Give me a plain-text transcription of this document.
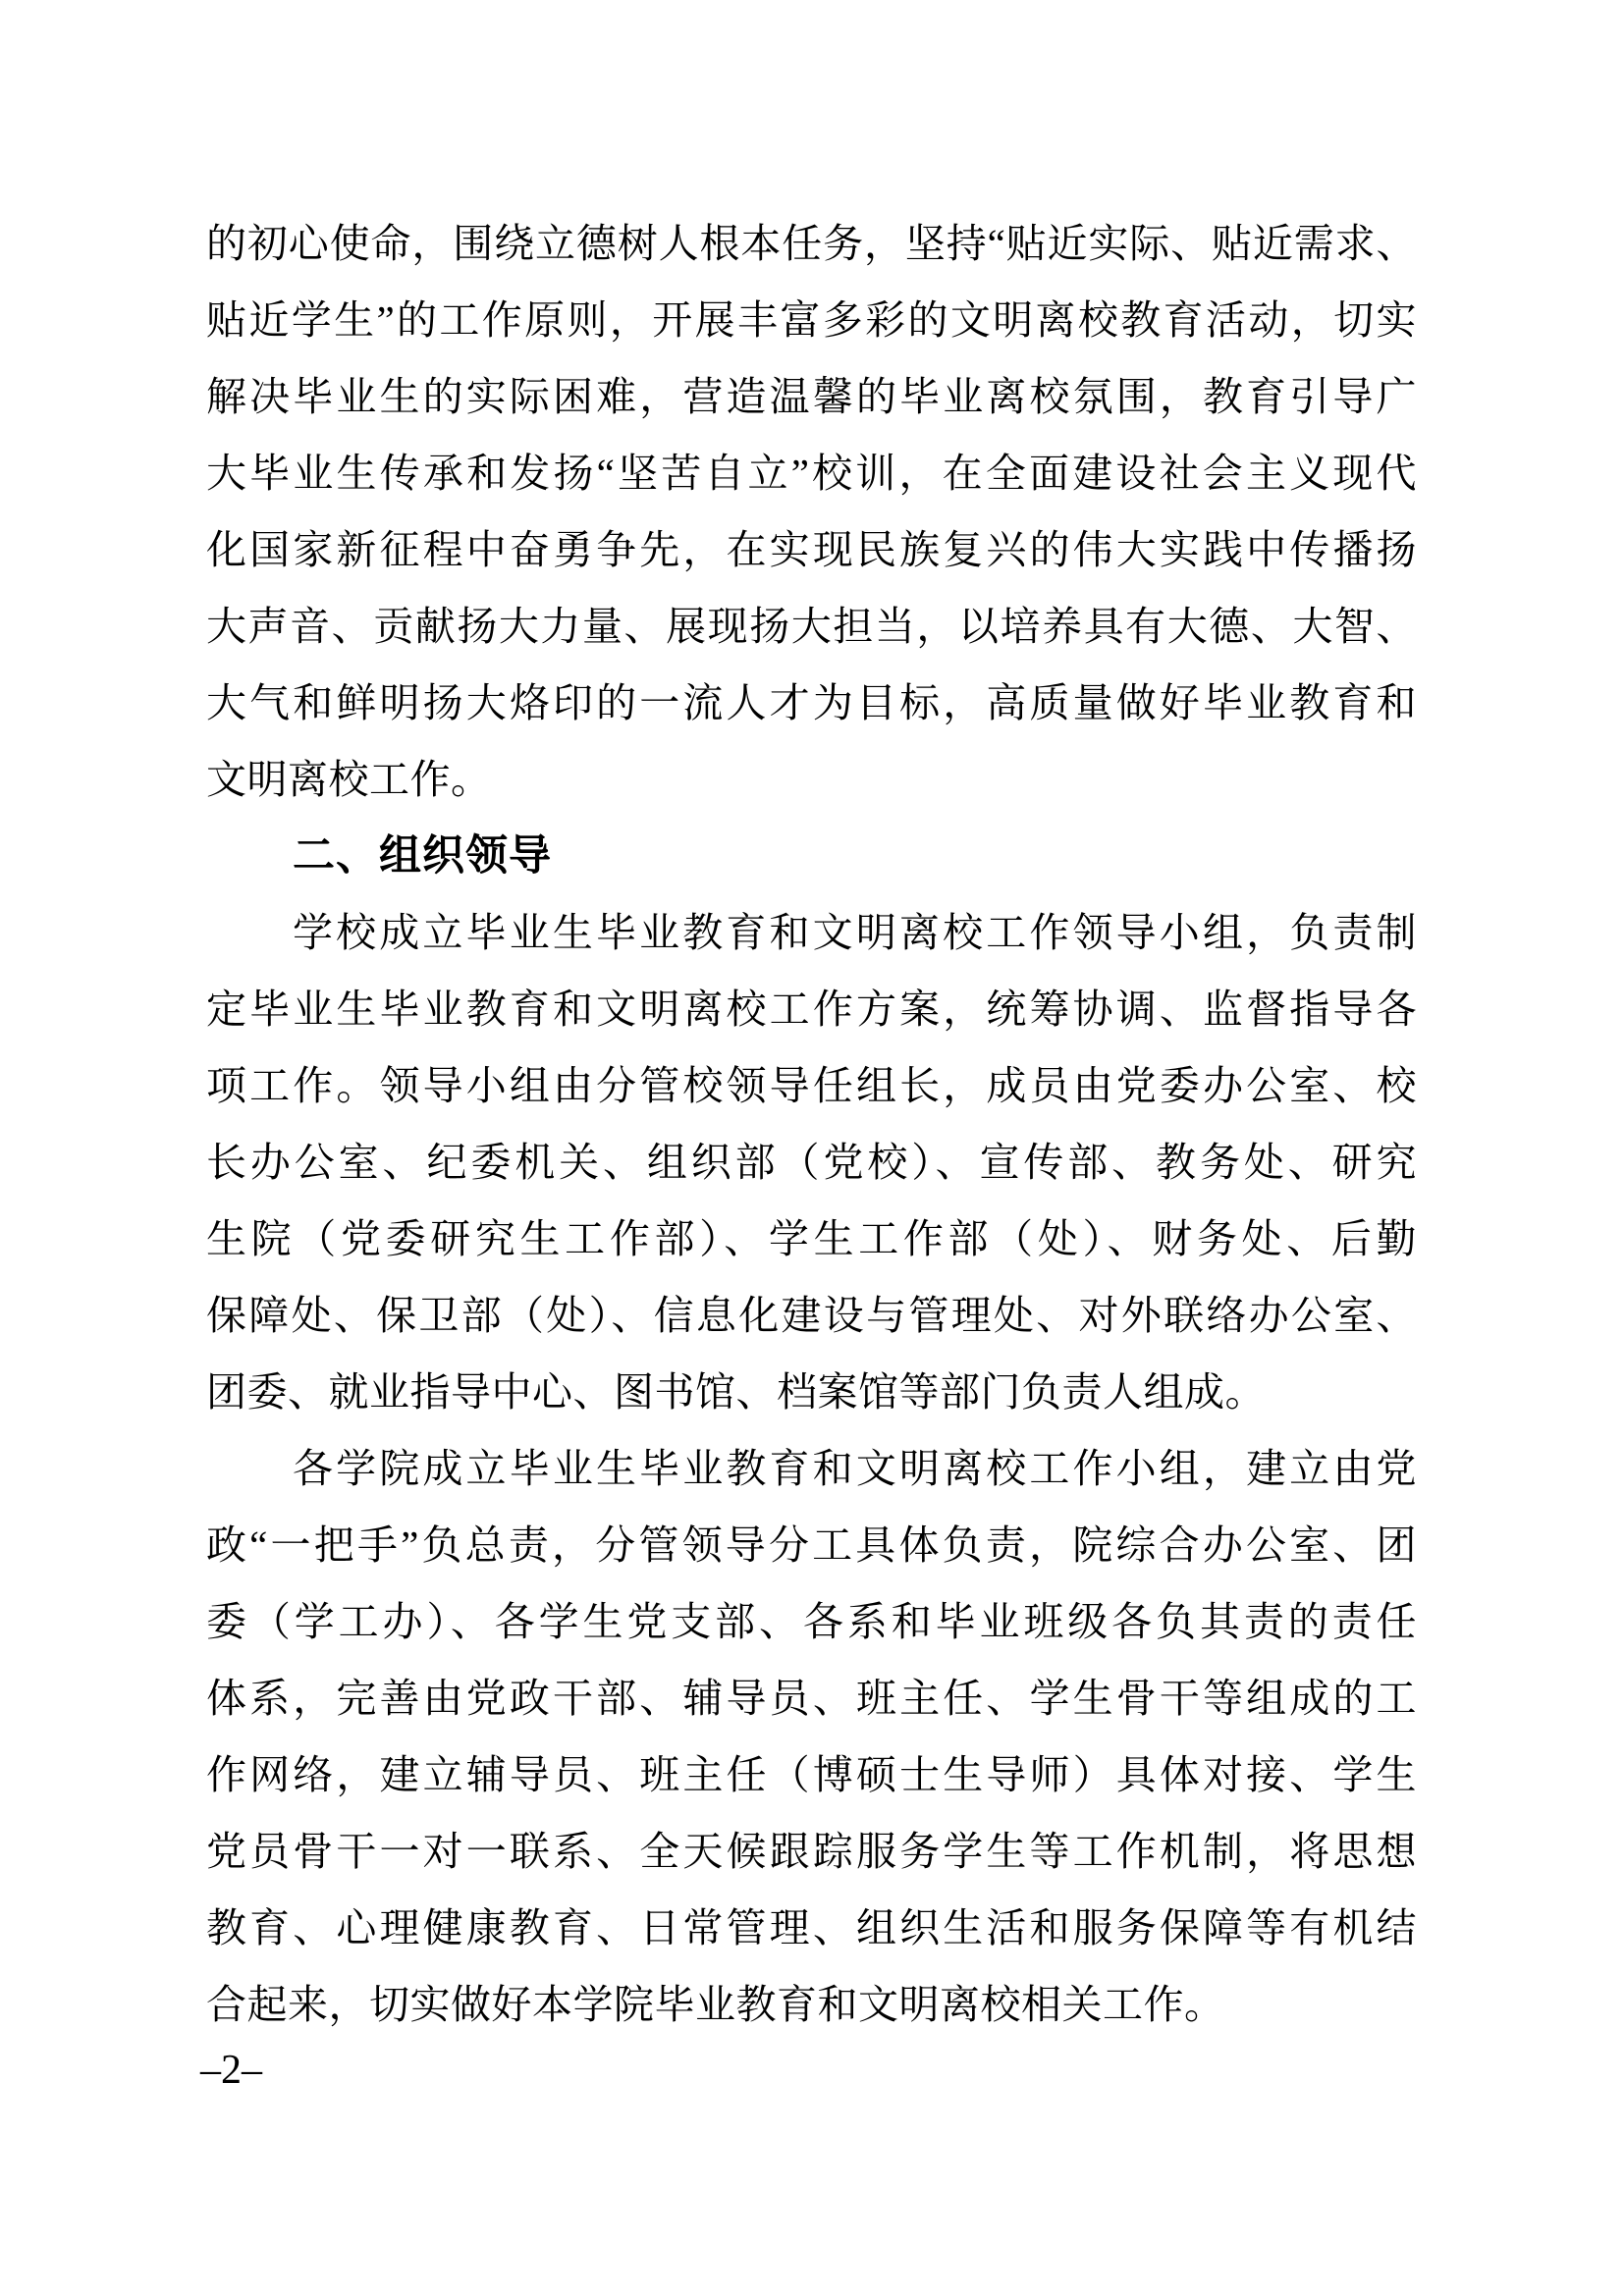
的初心使命，围绕立德树人根本任务，坚持“贴近实际、贴近需求、
贴近学生”的工作原则，开展丰富多彩的文明离校教育活动，切实
解决毕业生的实际困难，营造温馨的毕业离校氛围，教育引导广
大毕业生传承和发扬“坚苦自立”校训，在全面建设社会主义现代
化国家新征程中奋勇争先，在实现民族复兴的伟大实践中传播扬
大声音、贡献扬大力量、展现扬大担当，以培养具有大德、大智、
大气和鲜明扬大烙印的一流人才为目标，高质量做好毕业教育和
文明离校工作。
二、组织领导
学校成立毕业生毕业教育和文明离校工作领导小组，负责制
定毕业生毕业教育和文明离校工作方案，统筹协调、监督指导各
项工作。领导小组由分管校领导任组长，成员由党委办公室、校
长办公室、纪委机关、组织部（党校）、宣传部、教务处、研究
生院（党委研究生工作部）、学生工作部（处）、财务处、后勤
保障处、保卫部（处）、信息化建设与管理处、对外联络办公室、
团委、就业指导中心、图书馆、档案馆等部门负责人组成。
各学院成立毕业生毕业教育和文明离校工作小组，建立由党
政“一把手”负总责，分管领导分工具体负责，院综合办公室、团
委（学工办）、各学生党支部、各系和毕业班级各负其责的责任
体系，完善由党政干部、辅导员、班主任、学生骨干等组成的工
作网络，建立辅导员、班主任（博硕士生导师）具体对接、学生
党员骨干一对一联系、全天候跟踪服务学生等工作机制，将思想
教育、心理健康教育、日常管理、组织生活和服务保障等有机结
合起来，切实做好本学院毕业教育和文明离校相关工作。
–2–
